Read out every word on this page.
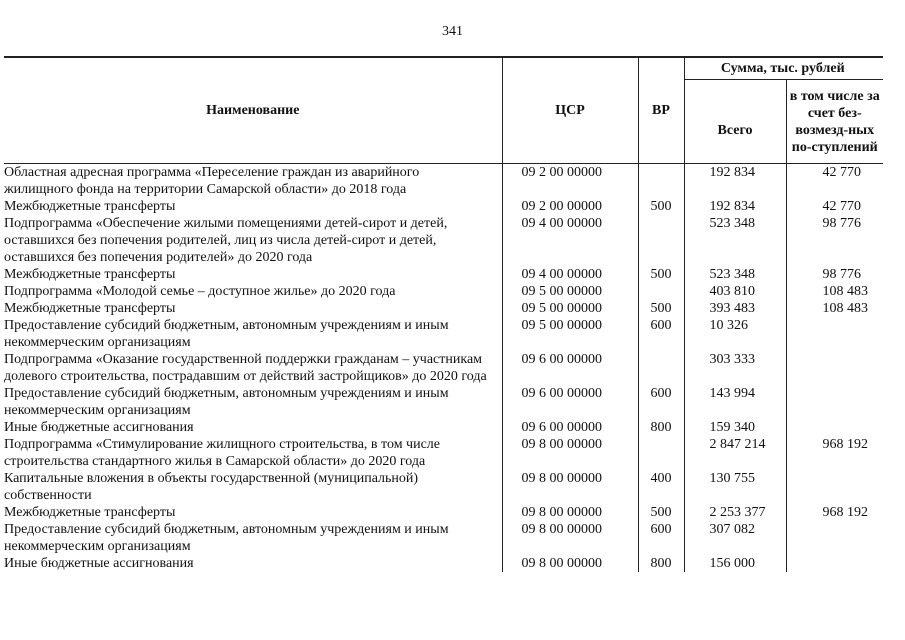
341
Наименование	ЦСР	ВР	Сумма, тыс. рублей	
			Всего	в том числе за счет без-возмезд-ных по-ступлений
Областная адресная программа «Переселение граждан из аварийного жилищного фонда на территории Самарской области» до 2018 года	09 2 00 00000		192 834	42 770
Межбюджетные трансферты	09 2 00 00000	500	192 834	42 770
Подпрограмма «Обеспечение жилыми помещениями детей-сирот и детей, оставшихся без попечения родителей, лиц из числа детей-сирот и детей, оставшихся без попечения родителей» до 2020 года	09 4 00 00000		523 348	98 776
Межбюджетные трансферты	09 4 00 00000	500	523 348	98 776
Подпрограмма «Молодой семье – доступное жилье» до 2020 года	09 5 00 00000		403 810	108 483
Межбюджетные трансферты	09 5 00 00000	500	393 483	108 483
Предоставление субсидий бюджетным, автономным учреждениям и иным некоммерческим организациям	09 5 00 00000	600	10 326	
Подпрограмма «Оказание государственной поддержки гражданам – участникам долевого строительства, пострадавшим от действий застройщиков» до 2020 года	09 6 00 00000		303 333	
Предоставление субсидий бюджетным, автономным учреждениям и иным некоммерческим организациям	09 6 00 00000	600	143 994	
Иные бюджетные ассигнования	09 6 00 00000	800	159 340	
Подпрограмма «Стимулирование жилищного строительства, в том числе строительства стандартного жилья в Самарской области» до 2020 года	09 8 00 00000		2 847 214	968 192
Капитальные вложения в объекты государственной (муниципальной) собственности	09 8 00 00000	400	130 755	
Межбюджетные трансферты	09 8 00 00000	500	2 253 377	968 192
Предоставление субсидий бюджетным, автономным учреждениям и иным некоммерческим организациям	09 8 00 00000	600	307 082	
Иные бюджетные ассигнования	09 8 00 00000	800	156 000	
